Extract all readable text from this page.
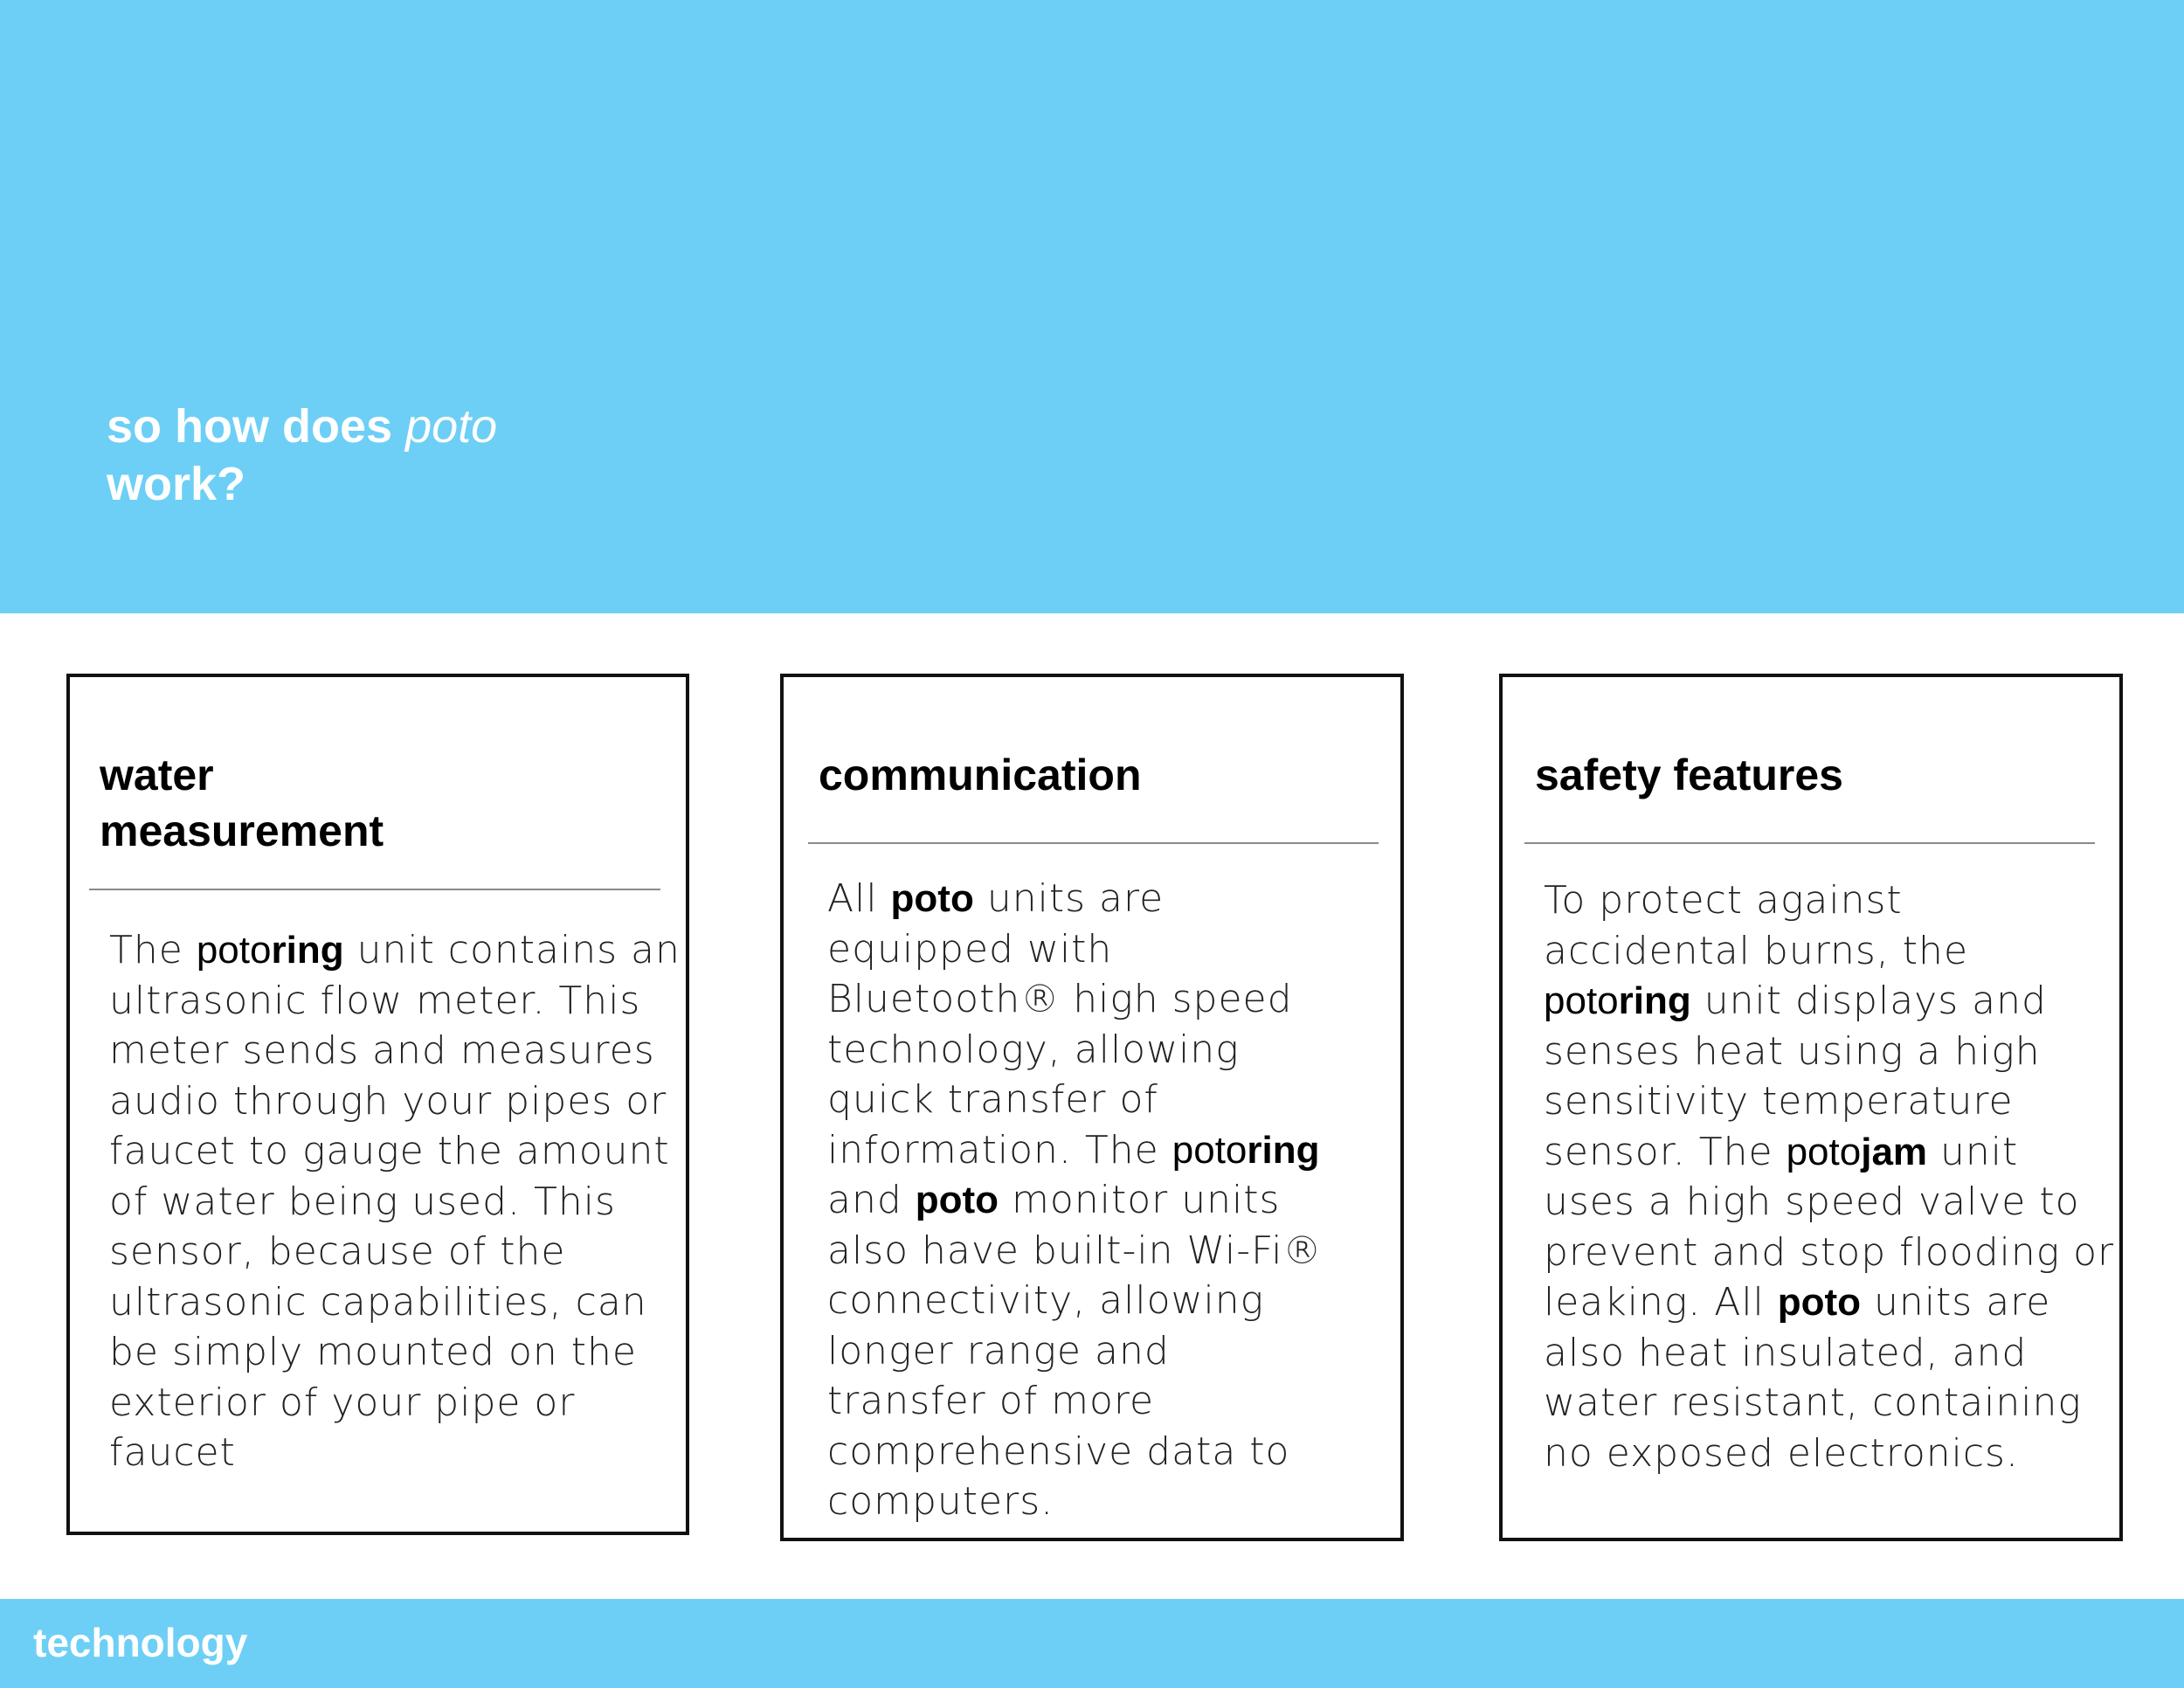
so how does poto
work?
water
measurement

The potoring unit contains an ultrasonic flow meter. This meter sends and measures audio through your pipes or faucet to gauge the amount of water being used. This sensor, because of the ultrasonic capabilities, can be simply mounted on the exterior of your pipe or faucet

communication

All poto units are equipped with Bluetooth® high speed technology, allowing quick transfer of information. The potoring and poto monitor units also have built-in Wi-Fi® connectivity, allowing longer range and transfer of more comprehensive data to computers.

safety features

To protect against accidental burns, the potoring unit displays and senses heat using a high sensitivity temperature sensor. The potojam unit uses a high speed valve to prevent and stop flooding or leaking. All poto units are also heat insulated, and water resistant, containing no exposed electronics.

technology
